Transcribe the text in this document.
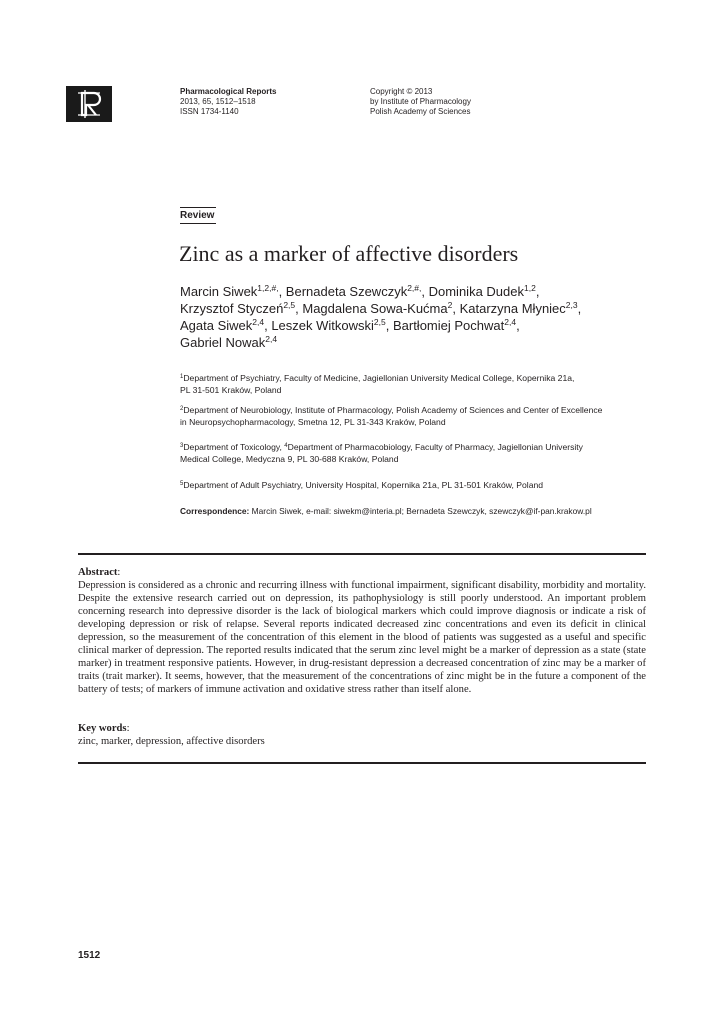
Pharmacological Reports
2013, 65, 1512–1518
ISSN 1734-1140
Copyright © 2013
by Institute of Pharmacology
Polish Academy of Sciences
Review
Zinc as a marker of affective disorders
Marcin Siwek$^{1,2,\#,}$, Bernadeta Szewczyk$^{2,\#,}$, Dominika Dudek$^{1,2}$,
Krzysztof Styczeń$^{2,5}$, Magdalena Sowa-Kućma$^2$, Katarzyna Młyniec$^{2,3}$,
Agata Siwek$^{2,4}$, Leszek Witkowski$^{2,5}$, Bartłomiej Pochwat$^{2,4}$,
Gabriel Nowak$^{2,4}$
$^1$Department of Psychiatry, Faculty of Medicine, Jagiellonian University Medical College, Kopernika 21a,
PL 31-501 Kraków, Poland
$^2$Department of Neurobiology, Institute of Pharmacology, Polish Academy of Sciences and Center of Excellence
in Neuropsychopharmacology, Smetna 12, PL 31-343 Kraków, Poland
$^3$Department of Toxicology, $^4$Department of Pharmacobiology, Faculty of Pharmacy, Jagiellonian University
Medical College, Medyczna 9, PL 30-688 Kraków, Poland
$^5$Department of Adult Psychiatry, University Hospital, Kopernika 21a, PL 31-501 Kraków, Poland
Correspondence: Marcin Siwek, e-mail: siwekm@interia.pl; Bernadeta Szewczyk, szewczyk@if-pan.krakow.pl
Abstract:

Depression is considered as a chronic and recurring illness with functional impairment, significant disability, morbidity and mortality. Despite the extensive research carried out on depression, its pathophysiology is still poorly understood. An important problem concerning research into depressive disorder is the lack of biological markers which could improve diagnosis or indicate a risk of developing depression or risk of relapse. Several reports indicated decreased zinc concentrations and even its deficit in clinical depression, so the measurement of the concentration of this element in the blood of patients was suggested as a useful and specific clinical marker of depression. The reported results indicated that the serum zinc level might be a marker of depression as a state (state marker) in treatment responsive patients. However, in drug-resistant depression a decreased concentration of zinc may be a marker of traits (trait marker). It seems, however, that the measurement of the concentrations of zinc might be in the future a component of the battery of tests; of markers of immune activation and oxidative stress rather than itself alone.

Key words:
zinc, marker, depression, affective disorders
1512
